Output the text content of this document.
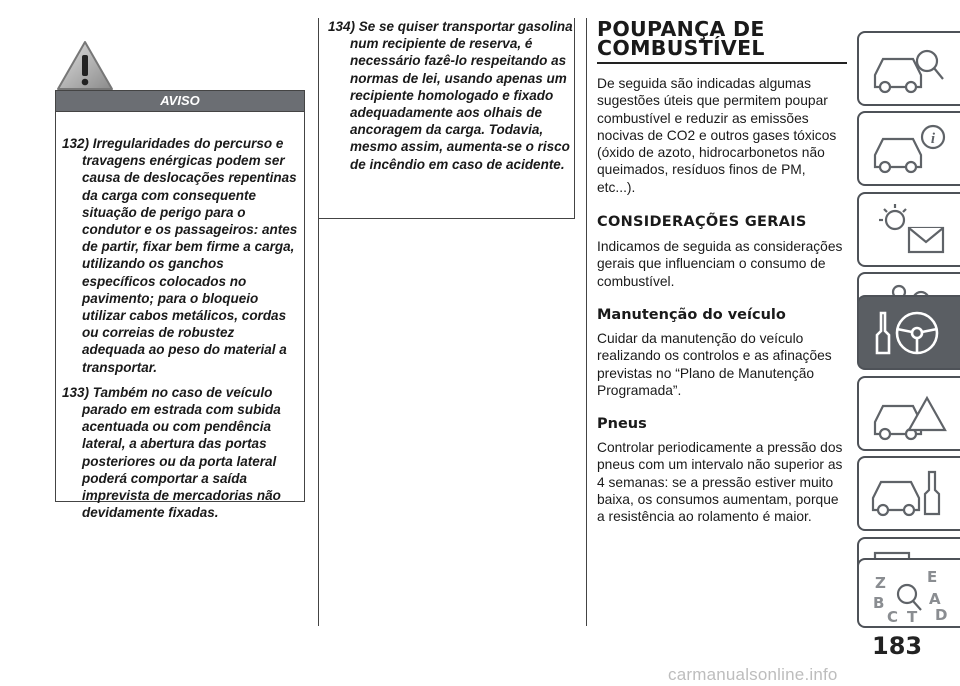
AVISO

132) Irregularidades do percurso e travagens enérgicas podem ser causa de deslocações repentinas da carga com consequente situação de perigo para o condutor e os passageiros: antes de partir, fixar bem firme a carga, utilizando os ganchos específicos colocados no pavimento; para o bloqueio utilizar cabos metálicos, cordas ou correias de robustez adequada ao peso do material a transportar.

133) Também no caso de veículo parado em estrada com subida acentuada ou com pendência lateral, a abertura das portas posteriores ou da porta lateral poderá comportar a saída imprevista de mercadorias não devidamente fixadas.

134) Se se quiser transportar gasolina num recipiente de reserva, é necessário fazê-lo respeitando as normas de lei, usando apenas um recipiente homologado e fixado adequadamente aos olhais de ancoragem da carga. Todavia, mesmo assim, aumenta-se o risco de incêndio em caso de acidente.

POUPANÇA DE
COMBUSTÍVEL

De seguida são indicadas algumas sugestões úteis que permitem poupar combustível e reduzir as emissões nocivas de CO2 e outros gases tóxicos (óxido de azoto, hidrocarbonetos não queimados, resíduos finos de PM, etc...).

CONSIDERAÇÕES GERAIS

Indicamos de seguida as considerações gerais que influenciam o consumo de combustível.

Manutenção do veículo

Cuidar da manutenção do veículo realizando os controlos e as afinações previstas no “Plano de Manutenção Programada”.

Pneus

Controlar periodicamente a pressão dos pneus com um intervalo não superior as 4 semanas: se a pressão estiver muito baixa, os consumos aumentam, porque a resistência ao rolamento é maior.

i
Z	E
B	A
C T D
183
carmanualsonline.info
